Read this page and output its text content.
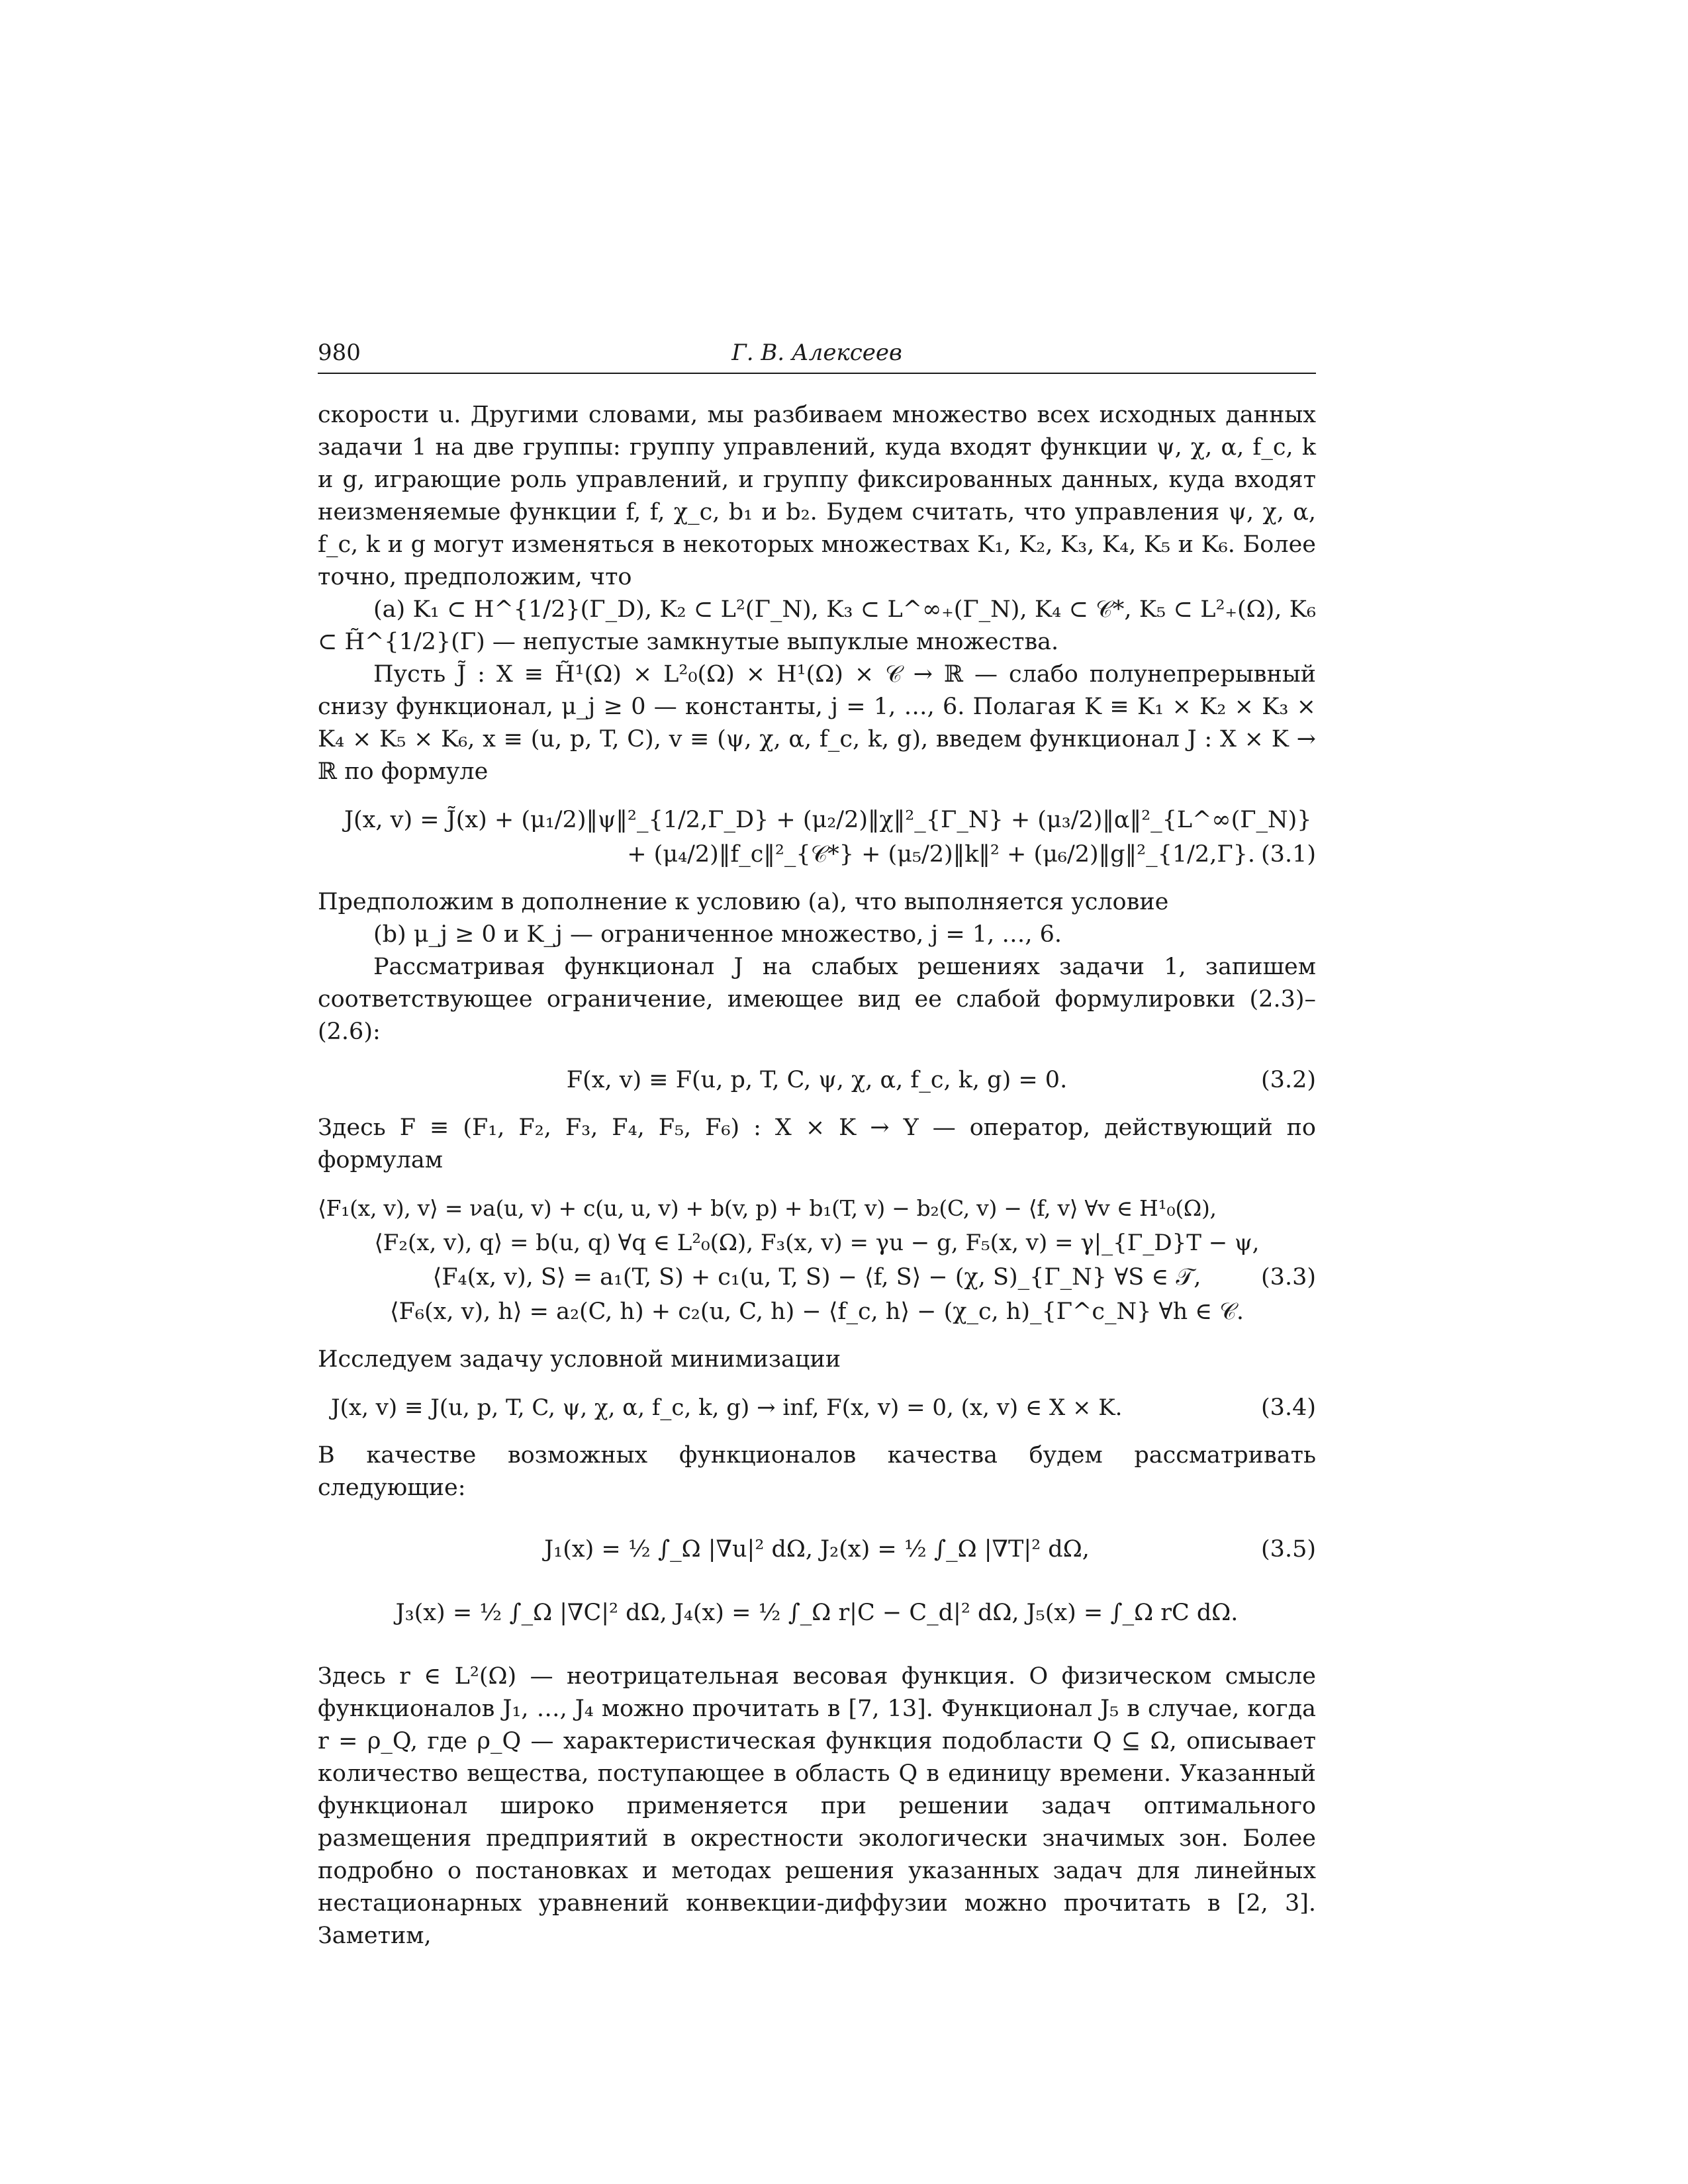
980	Г. В. Алексеев

скорости u. Другими словами, мы разбиваем множество всех исходных данных задачи 1 на две группы: группу управлений, куда входят функции ψ, χ, α, f_c, k и g, играющие роль управлений, и группу фиксированных данных, куда входят неизменяемые функции f, f, χ_c, b₁ и b₂. Будем считать, что управления ψ, χ, α, f_c, k и g могут изменяться в некоторых множествах K₁, K₂, K₃, K₄, K₅ и K₆. Более точно, предположим, что

(a) K₁ ⊂ H^{1/2}(Γ_D), K₂ ⊂ L²(Γ_N), K₃ ⊂ L^∞₊(Γ_N), K₄ ⊂ 𝒞*, K₅ ⊂ L²₊(Ω), K₆ ⊂ H̃^{1/2}(Γ) — непустые замкнутые выпуклые множества.

Пусть J̃ : X ≡ H̃¹(Ω) × L²₀(Ω) × H¹(Ω) × 𝒞 → ℝ — слабо полунепрерывный снизу функционал, μ_j ≥ 0 — константы, j = 1, …, 6. Полагая K ≡ K₁ × K₂ × K₃ × K₄ × K₅ × K₆, x ≡ (u, p, T, C), v ≡ (ψ, χ, α, f_c, k, g), введем функционал J : X × K → ℝ по формуле

J(x, v) = J̃(x) + (μ₁/2)‖ψ‖²_{1/2,Γ_D} + (μ₂/2)‖χ‖²_{Γ_N} + (μ₃/2)‖α‖²_{L^∞(Γ_N)}
+ (μ₄/2)‖f_c‖²_{𝒞*} + (μ₅/2)‖k‖² + (μ₆/2)‖g‖²_{1/2,Γ}. (3.1)

Предположим в дополнение к условию (a), что выполняется условие

(b) μ_j ≥ 0 и K_j — ограниченное множество, j = 1, …, 6.

Рассматривая функционал J на слабых решениях задачи 1, запишем соответствующее ограничение, имеющее вид ее слабой формулировки (2.3)–(2.6):

F(x, v) ≡ F(u, p, T, C, ψ, χ, α, f_c, k, g) = 0.	(3.2)

Здесь F ≡ (F₁, F₂, F₃, F₄, F₅, F₆) : X × K → Y — оператор, действующий по формулам

⟨F₁(x, v), v⟩ = νa(u, v) + c(u, u, v) + b(v, p) + b₁(T, v) − b₂(C, v) − ⟨f, v⟩ ∀v ∈ H¹₀(Ω),
⟨F₂(x, v), q⟩ = b(u, q) ∀q ∈ L²₀(Ω), F₃(x, v) = γu − g, F₅(x, v) = γ|_{Γ_D}T − ψ,
⟨F₄(x, v), S⟩ = a₁(T, S) + c₁(u, T, S) − ⟨f, S⟩ − (χ, S)_{Γ_N} ∀S ∈ 𝒯,	(3.3)
⟨F₆(x, v), h⟩ = a₂(C, h) + c₂(u, C, h) − ⟨f_c, h⟩ − (χ_c, h)_{Γ^c_N} ∀h ∈ 𝒞.

Исследуем задачу условной минимизации

J(x, v) ≡ J(u, p, T, C, ψ, χ, α, f_c, k, g) → inf, F(x, v) = 0, (x, v) ∈ X × K.	(3.4)

В качестве возможных функционалов качества будем рассматривать следующие:

J₁(x) = ½ ∫_Ω |∇u|² dΩ, J₂(x) = ½ ∫_Ω |∇T|² dΩ,	(3.5)
J₃(x) = ½ ∫_Ω |∇C|² dΩ, J₄(x) = ½ ∫_Ω r|C − C_d|² dΩ, J₅(x) = ∫_Ω rC dΩ.

Здесь r ∈ L²(Ω) — неотрицательная весовая функция. О физическом смысле функционалов J₁, …, J₄ можно прочитать в [7, 13]. Функционал J₅ в случае, когда r = ρ_Q, где ρ_Q — характеристическая функция подобласти Q ⊆ Ω, описывает количество вещества, поступающее в область Q в единицу времени. Указанный функционал широко применяется при решении задач оптимального размещения предприятий в окрестности экологически значимых зон. Более подробно о постановках и методах решения указанных задач для линейных нестационарных уравнений конвекции-диффузии можно прочитать в [2, 3]. Заметим,
